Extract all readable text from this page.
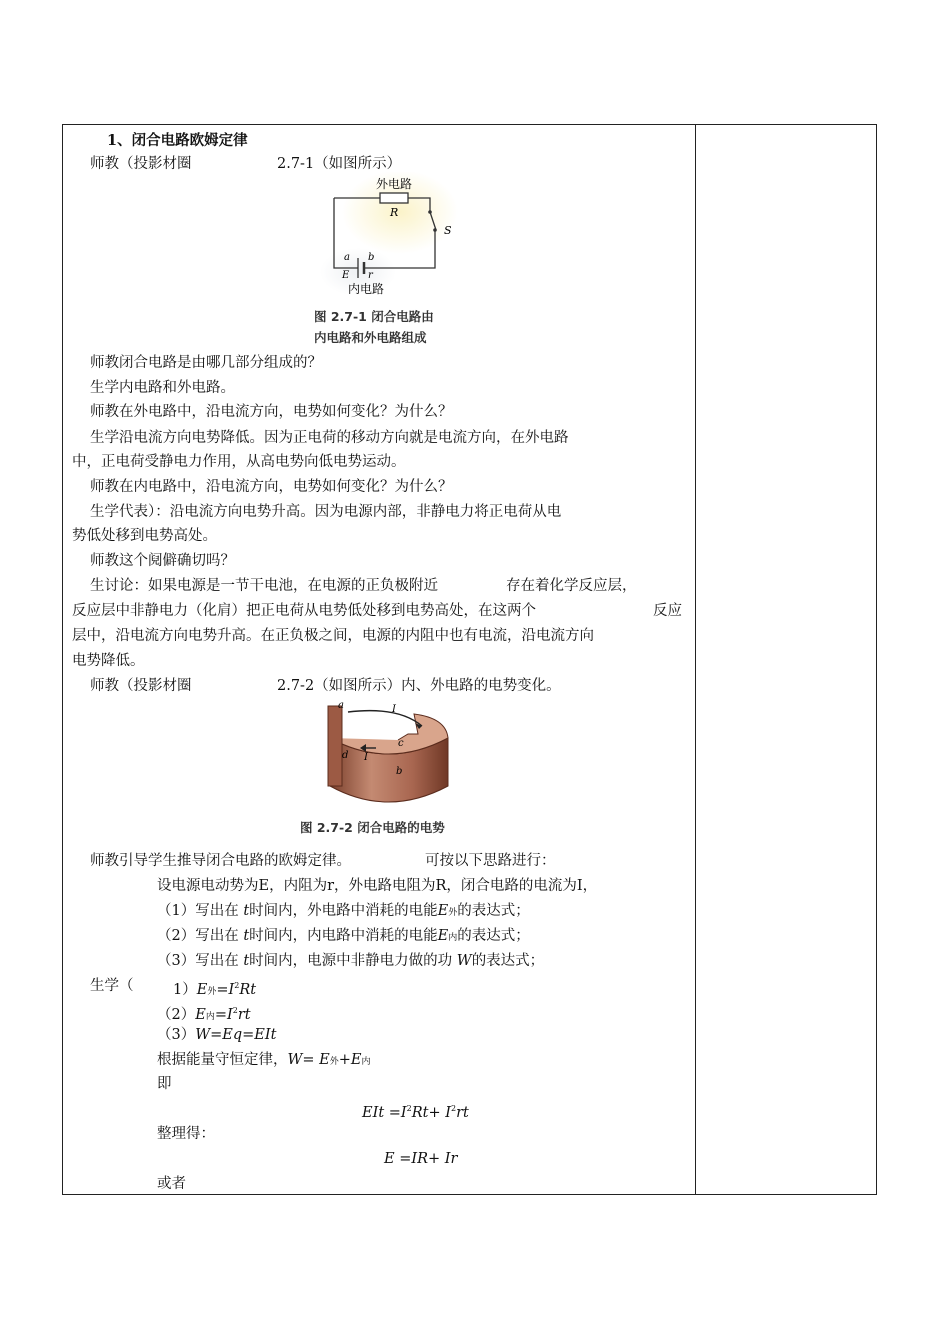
1、闭合电路欧姆定律
师教（投影材圈	2.7-1（如图所示）
外电路
R
S
a b
E r
内电路
图 2.7-1 闭合电路由
内电路和外电路组成
师教闭合电路是由哪几部分组成的？
生学内电路和外电路。
师教在外电路中，沿电流方向，电势如何变化？为什么？
生学沿电流方向电势降低。因为正电荷的移动方向就是电流方向，在外电路
中，正电荷受静电力作用，从高电势向低电势运动。
师教在内电路中，沿电流方向，电势如何变化？为什么？
生学代表）：沿电流方向电势升高。因为电源内部，非静电力将正电荷从电
势低处移到电势高处。
师教这个阋僻确切吗？
生讨论：如果电源是一节干电池，在电源的正负极附近	存在着化学反应层，
反应层中非静电力（化肩）把正电荷从电势低处移到电势高处，在这两个	反应
层中，沿电流方向电势升高。在正负极之间，电源的内阻中也有电流，沿电流方向
电势降低。
师教（投影材圈	2.7-2（如图所示）内、外电路的电势变化。
a	I
c
d I
b
图 2.7-2 闭合电路的电势
师教引导学生推导闭合电路的欧姆定律。	可按以下思路进行：
设电源电动势为E，内阻为r，外电路电阻为R，闭合电路的电流为I，
（1）写出在 t时间内，外电路中消耗的电能E外的表达式；
（2）写出在 t时间内，内电路中消耗的电能E内的表达式；
（3）写出在 t时间内，电源中非静电力做的功 W的表达式；
生学（	1）E外$=I^2Rt$
（2）E内$=I^2rt$
（3）W=Eq=EIt
根据能量守恒定律，W= E外+E内
即
EIt $=I^2Rt+ I^2rt$
整理得：
E =IR+ Ir
或者
